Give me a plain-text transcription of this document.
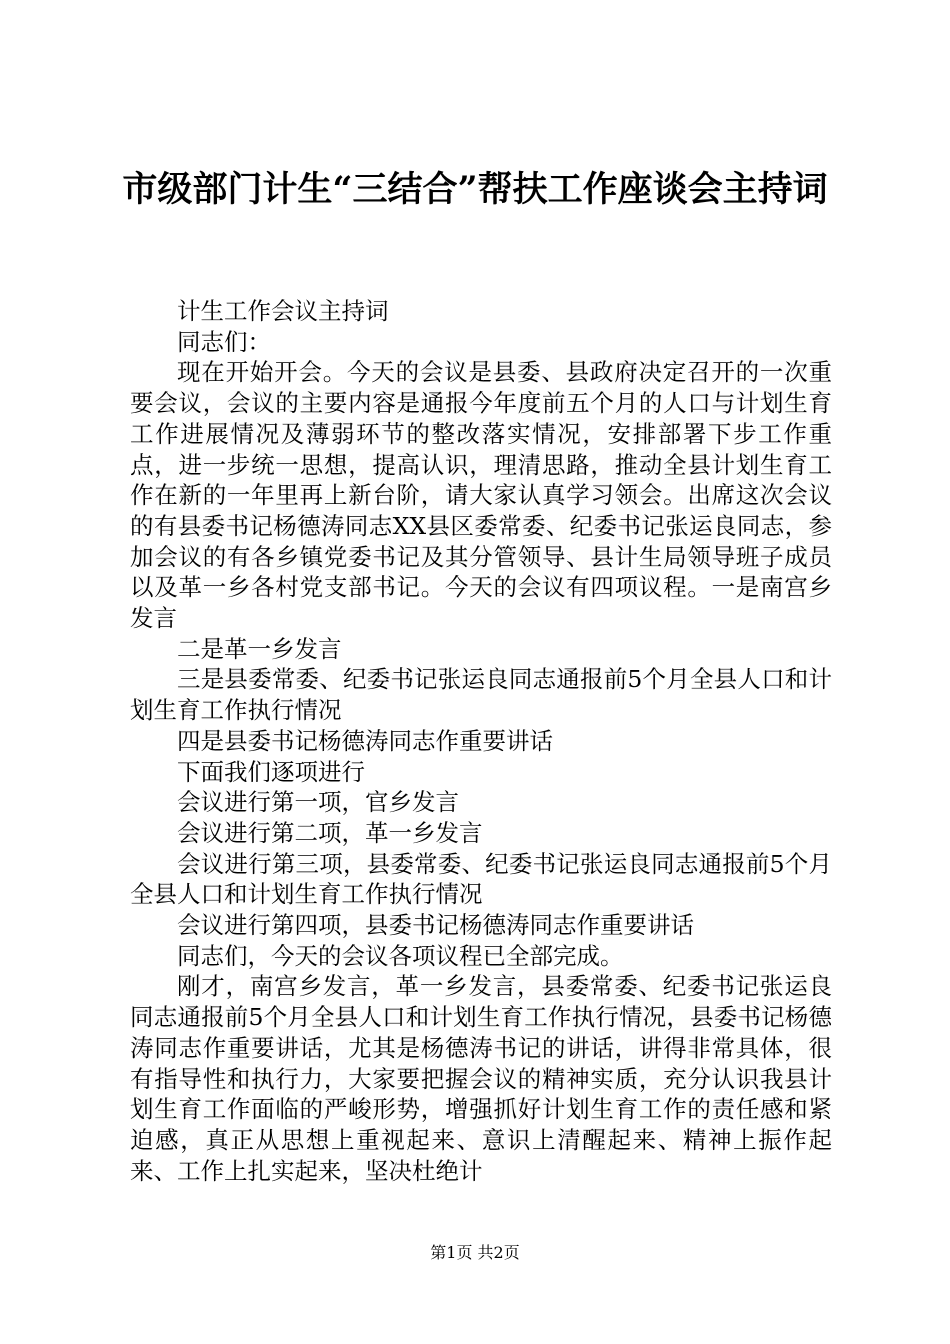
市级部门计生“三结合”帮扶工作座谈会主持词

计生工作会议主持词

同志们：

现在开始开会。今天的会议是县委、县政府决定召开的一次重要会议，会议的主要内容是通报今年度前五个月的人口与计划生育工作进展情况及薄弱环节的整改落实情况，安排部署下步工作重点，进一步统一思想，提高认识，理清思路，推动全县计划生育工作在新的一年里再上新台阶，请大家认真学习领会。出席这次会议的有县委书记杨德涛同志XX县区委常委、纪委书记张运良同志，参加会议的有各乡镇党委书记及其分管领导、县计生局领导班子成员以及革一乡各村党支部书记。今天的会议有四项议程。一是南宫乡发言

二是革一乡发言

三是县委常委、纪委书记张运良同志通报前5个月全县人口和计划生育工作执行情况

四是县委书记杨德涛同志作重要讲话

下面我们逐项进行

会议进行第一项，官乡发言

会议进行第二项，革一乡发言

会议进行第三项，县委常委、纪委书记张运良同志通报前5个月全县人口和计划生育工作执行情况

会议进行第四项，县委书记杨德涛同志作重要讲话

同志们，今天的会议各项议程已全部完成。

刚才，南宫乡发言，革一乡发言，县委常委、纪委书记张运良同志通报前5个月全县人口和计划生育工作执行情况，县委书记杨德涛同志作重要讲话，尤其是杨德涛书记的讲话，讲得非常具体，很有指导性和执行力，大家要把握会议的精神实质，充分认识我县计划生育工作面临的严峻形势，增强抓好计划生育工作的责任感和紧迫感，真正从思想上重视起来、意识上清醒起来、精神上振作起来、工作上扎实起来，坚决杜绝计

第1页 共2页
